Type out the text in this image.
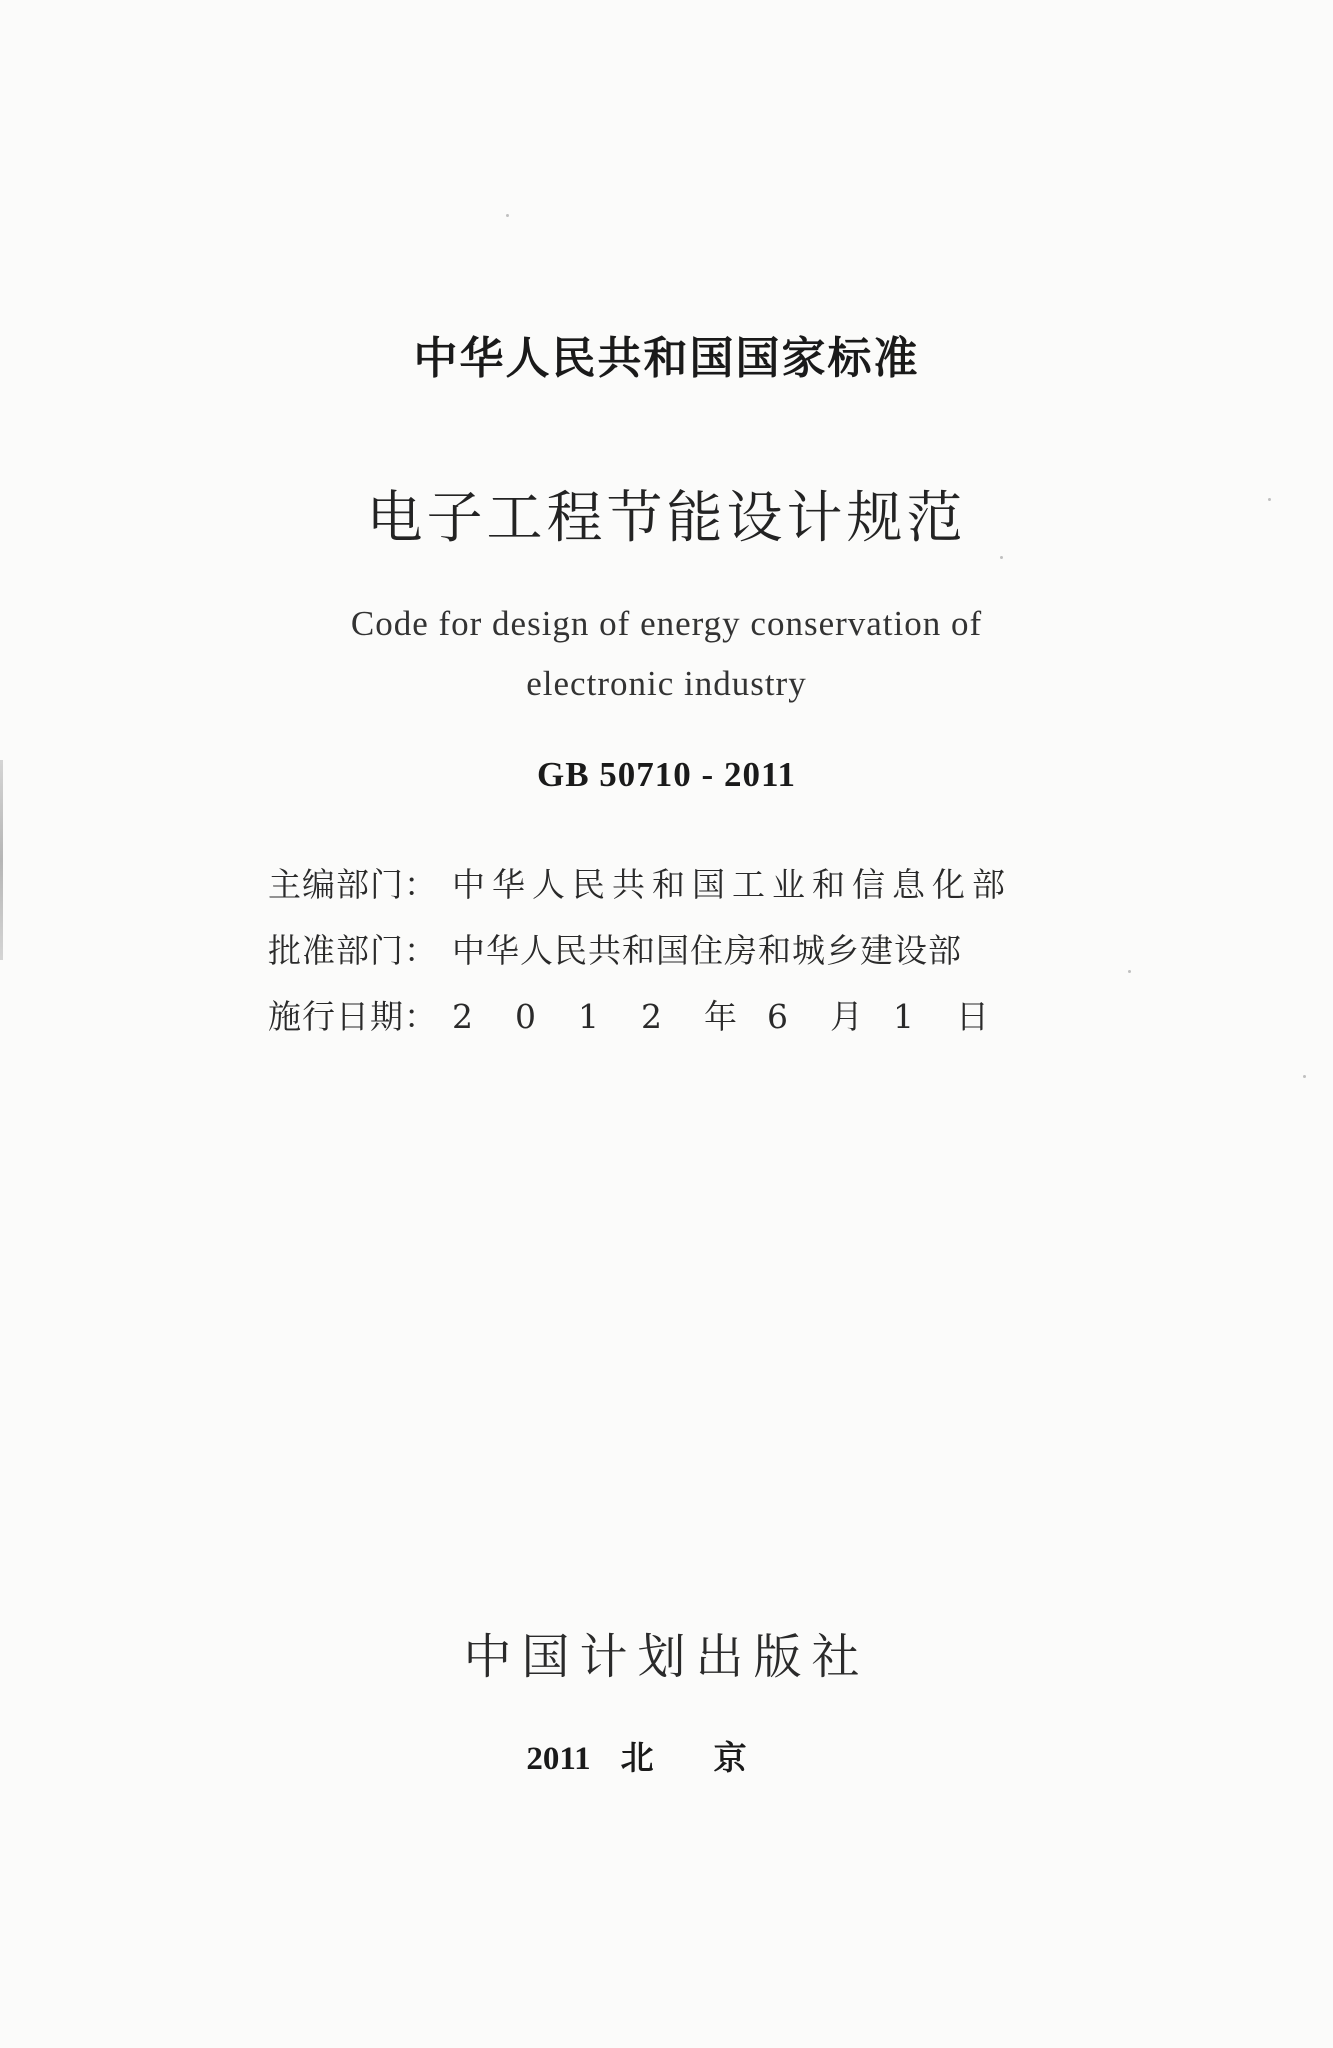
中华人民共和国国家标准
电子工程节能设计规范
Code for design of energy conservation of
electronic industry
GB 50710 - 2011
主编部门： 中华人民共和国工业和信息化部
批准部门： 中华人民共和国住房和城乡建设部
施行日期： 2	0	1	2	年 6	月 1	日
中国计划出版社
2011 北京
